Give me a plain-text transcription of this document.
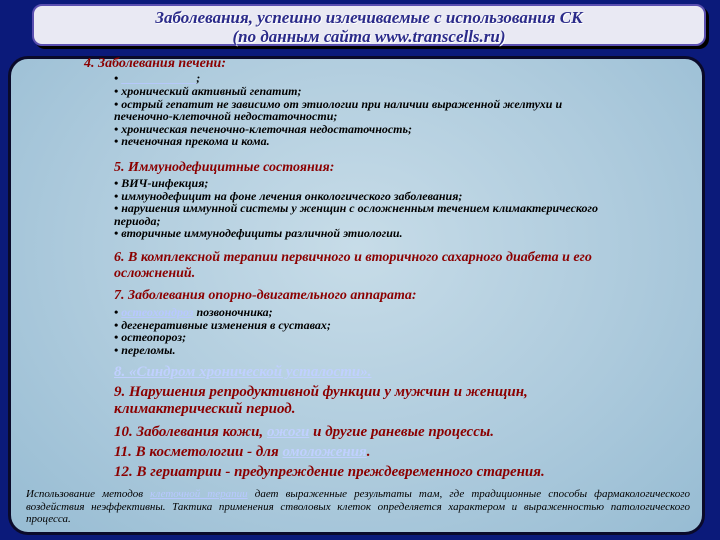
Заболевания, успешно излечиваемые с использования СК
(по данным сайта www.transcells.ru)
4. Заболевания печени:
•	;
• хронический активный гепатит;
• острый гепатит не зависимо от этиологии при наличии выраженной желтухи и печеночно-клеточной недостаточности;
• хроническая печеночно-клеточная недостаточность;
• печеночная прекома и кома.
5. Иммунодефицитные состояния:
• ВИЧ-инфекция;
• иммунодефицит на фоне лечения онкологического заболевания;
• нарушения иммунной системы у женщин с осложненным течением климактерического периода;
• вторичные иммунодефициты различной этиологии.
6. В комплексной терапии первичного и вторичного сахарного диабета и его осложнений.
7. Заболевания опорно-двигательного аппарата:
• остеохондроз позвоночника;
• дегенеративные изменения в суставах;
• остеопороз;
• переломы.
8. «Синдром хронической усталости».
9. Нарушения репродуктивной функции у мужчин и женщин, климактерический период.
10. Заболевания кожи, ожоги и другие раневые процессы.
11. В косметологии - для омоложения.
12. В гериатрии - предупреждение преждевременного старения.
Использование методов клеточной терапии дает выраженные результаты там, где традиционные способы фармакологического воздействия неэффективны. Тактика применения стволовых клеток определяется характером и выраженностью патологического процесса.
